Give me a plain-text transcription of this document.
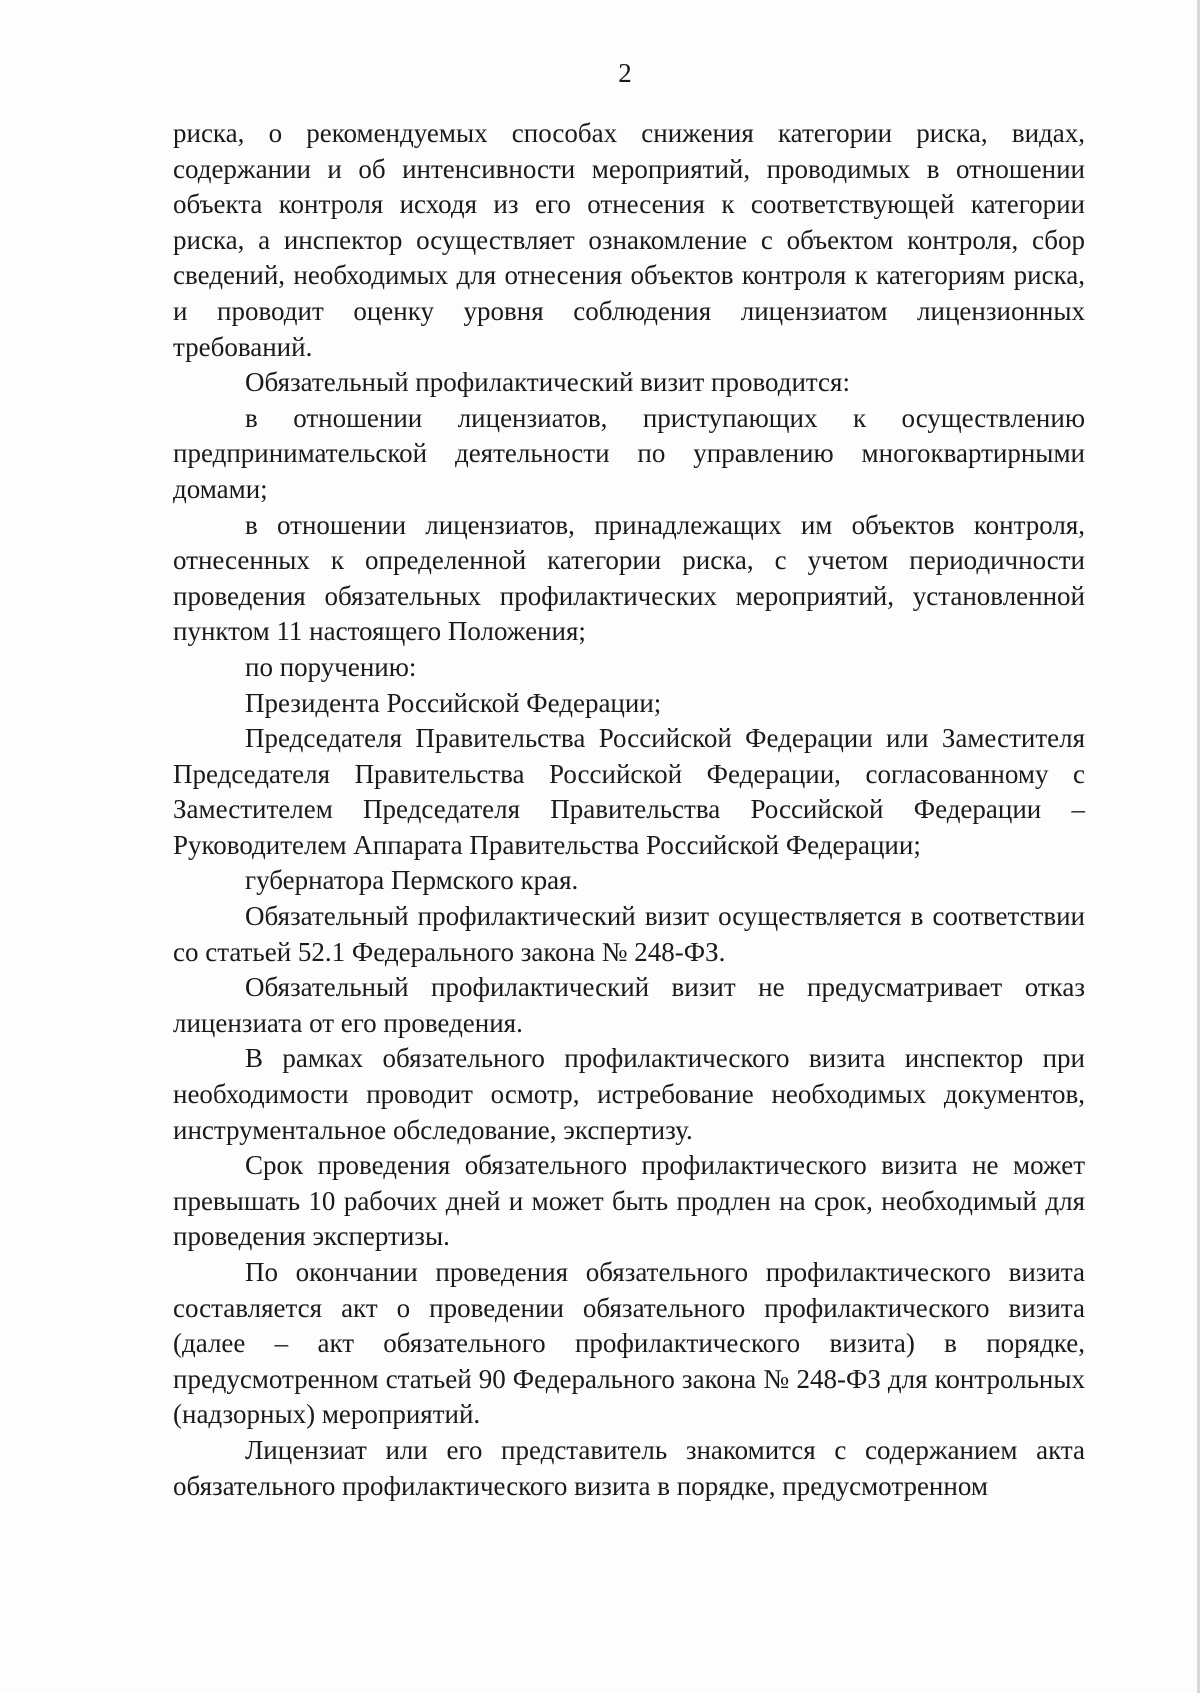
2

риска, о рекомендуемых способах снижения категории риска, видах, содержании и об интенсивности мероприятий, проводимых в отношении объекта контроля исходя из его отнесения к соответствующей категории риска, а инспектор осуществляет ознакомление с объектом контроля, сбор сведений, необходимых для отнесения объектов контроля к категориям риска, и проводит оценку уровня соблюдения лицензиатом лицензионных требований.

Обязательный профилактический визит проводится:

в отношении лицензиатов, приступающих к осуществлению предпринимательской деятельности по управлению многоквартирными домами;

в отношении лицензиатов, принадлежащих им объектов контроля, отнесенных к определенной категории риска, с учетом периодичности проведения обязательных профилактических мероприятий, установленной пунктом 11 настоящего Положения;

по поручению:

Президента Российской Федерации;

Председателя Правительства Российской Федерации или Заместителя Председателя Правительства Российской Федерации, согласованному с Заместителем Председателя Правительства Российской Федерации – Руководителем Аппарата Правительства Российской Федерации;

губернатора Пермского края.

Обязательный профилактический визит осуществляется в соответствии со статьей 52.1 Федерального закона № 248-ФЗ.

Обязательный профилактический визит не предусматривает отказ лицензиата от его проведения.

В рамках обязательного профилактического визита инспектор при необходимости проводит осмотр, истребование необходимых документов, инструментальное обследование, экспертизу.

Срок проведения обязательного профилактического визита не может превышать 10 рабочих дней и может быть продлен на срок, необходимый для проведения экспертизы.

По окончании проведения обязательного профилактического визита составляется акт о проведении обязательного профилактического визита (далее – акт обязательного профилактического визита) в порядке, предусмотренном статьей 90 Федерального закона № 248-ФЗ для контрольных (надзорных) мероприятий.

Лицензиат или его представитель знакомится с содержанием акта обязательного профилактического визита в порядке, предусмотренном
